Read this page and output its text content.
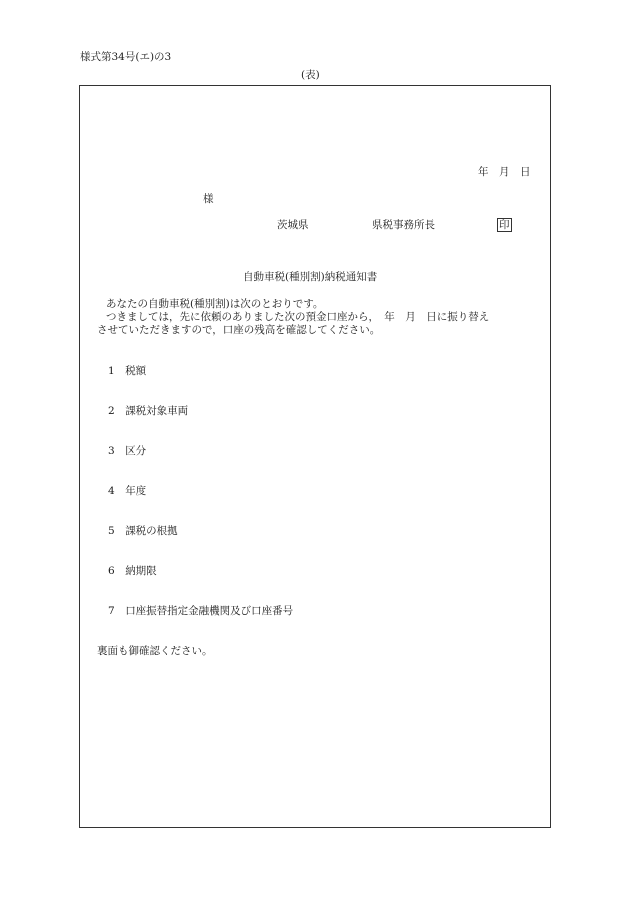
様式第34号(エ)の3
(表)
年　月　日
様
茨城県	県税事務所長	印
自動車税(種別割)納税通知書
あなたの自動車税(種別割)は次のとおりです。
つきましては，先に依頼のありました次の預金口座から，　年　月　日に振り替え
させていただきますので，口座の残高を確認してください。
1　 税額
2　 課税対象車両
3　 区分
4　 年度
5　 課税の根拠
6　 納期限
7　 口座振替指定金融機関及び口座番号
裏面も御確認ください。
